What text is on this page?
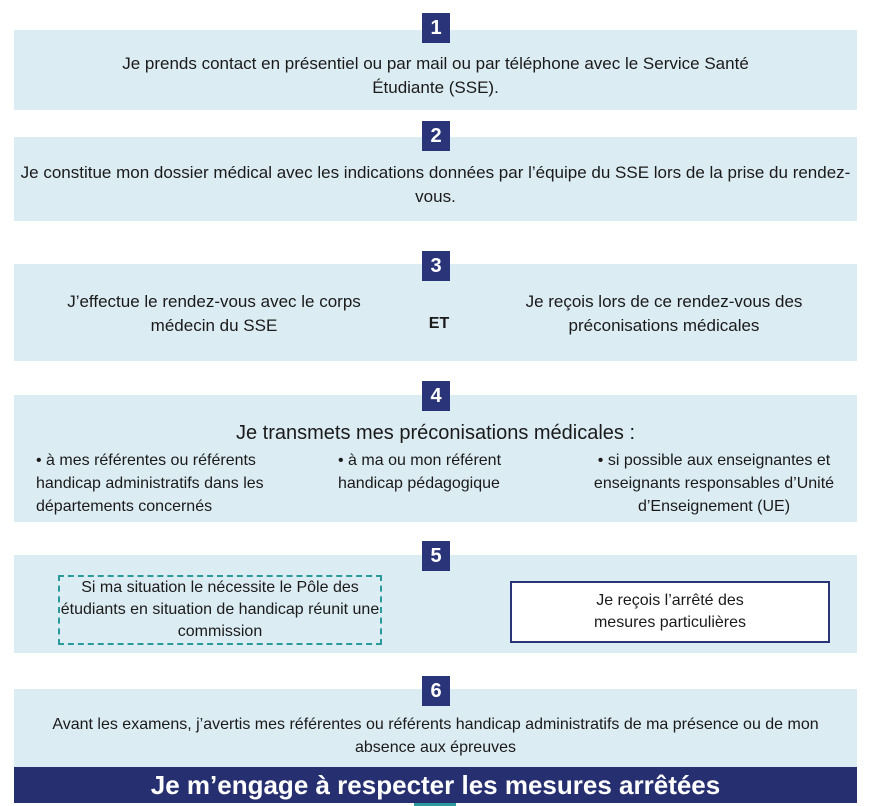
Je prends contact en présentiel ou par mail ou par téléphone avec le Service Santé Étudiante (SSE).
1
Je constitue mon dossier médical avec les indications données par l’équipe du SSE lors de la prise du rendez-vous.
2
J’effectue le rendez-vous avec le corps médecin du SSE	ET
Je reçois lors de ce rendez-vous des préconisations médicales
3
Je transmets mes préconisations médicales :
• à mes référentes ou référents handicap administratifs dans les départements concernés
• à ma ou mon référent handicap pédagogique
• si possible aux enseignantes et enseignants responsables d’Unité d’Enseignement (UE)
4
Si ma situation le nécessite le Pôle des étudiants en situation de handicap réunit une commission
Je reçois l’arrêté des mesures particulières
5
Avant les examens, j’avertis mes référentes ou référents handicap administratifs de ma présence ou de mon absence aux épreuves
6
Je m’engage à respecter les mesures arrêtées
